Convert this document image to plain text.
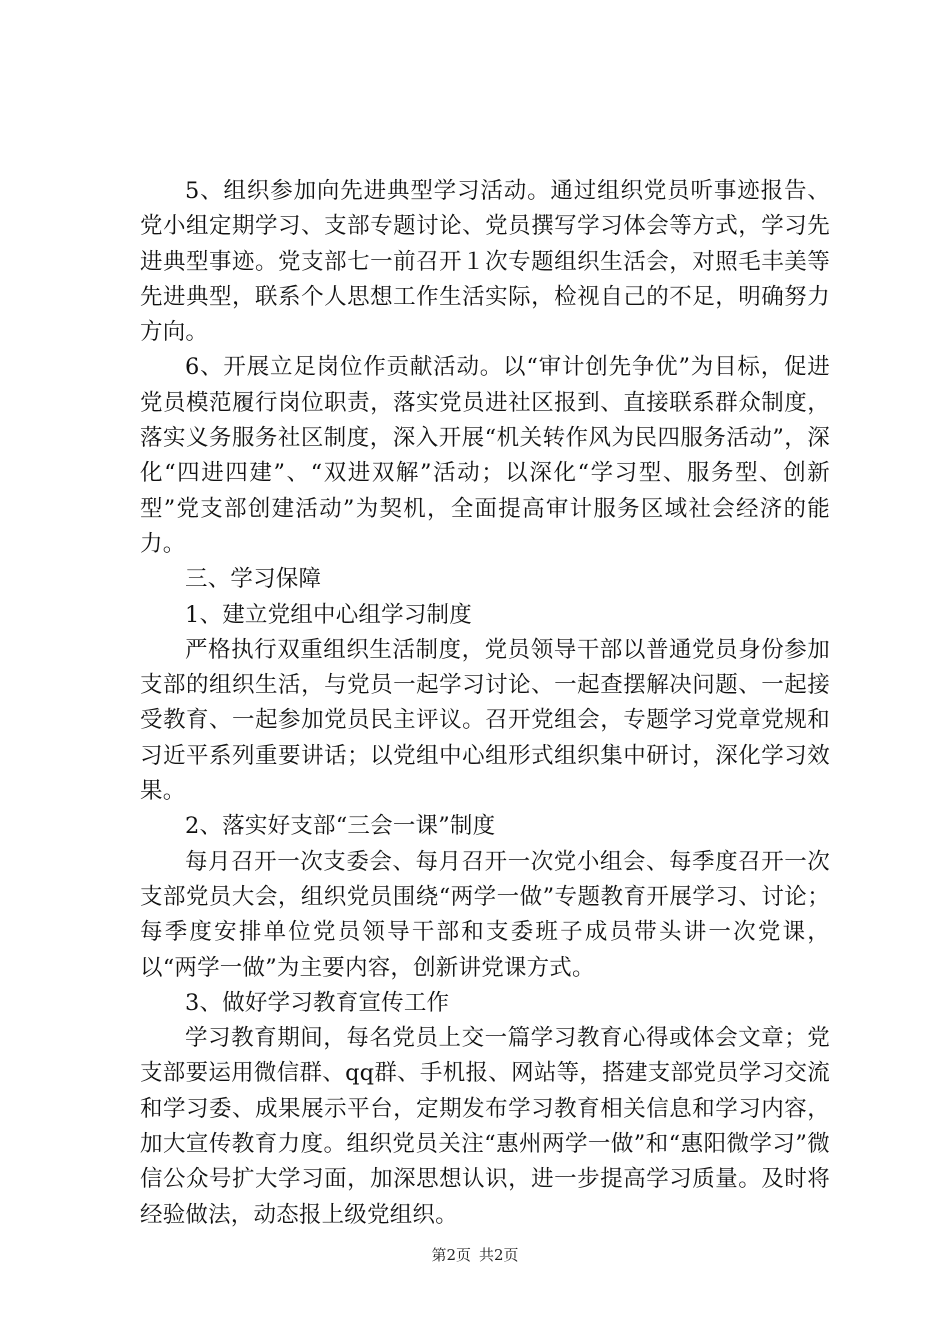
5、组织参加向先进典型学习活动。通过组织党员听事迹报告、党小组定期学习、支部专题讨论、党员撰写学习体会等方式，学习先进典型事迹。党支部七一前召开１次专题组织生活会，对照毛丰美等先进典型，联系个人思想工作生活实际，检视自己的不足，明确努力方向。

6、开展立足岗位作贡献活动。以“审计创先争优”为目标，促进党员模范履行岗位职责，落实党员进社区报到、直接联系群众制度，落实义务服务社区制度，深入开展“机关转作风为民四服务活动”，深化“四进四建”、“双进双解”活动；以深化“学习型、服务型、创新型”党支部创建活动”为契机，全面提高审计服务区域社会经济的能力。

三、学习保障

1、建立党组中心组学习制度

严格执行双重组织生活制度，党员领导干部以普通党员身份参加支部的组织生活，与党员一起学习讨论、一起查摆解决问题、一起接受教育、一起参加党员民主评议。召开党组会，专题学习党章党规和习近平系列重要讲话；以党组中心组形式组织集中研讨，深化学习效果。

2、落实好支部“三会一课”制度

每月召开一次支委会、每月召开一次党小组会、每季度召开一次支部党员大会，组织党员围绕“两学一做”专题教育开展学习、讨论；每季度安排单位党员领导干部和支委班子成员带头讲一次党课，以“两学一做”为主要内容，创新讲党课方式。

3、做好学习教育宣传工作

学习教育期间，每名党员上交一篇学习教育心得或体会文章；党支部要运用微信群、qq群、手机报、网站等，搭建支部党员学习交流和学习委、成果展示平台，定期发布学习教育相关信息和学习内容，加大宣传教育力度。组织党员关注“惠州两学一做”和“惠阳微学习”微信公众号扩大学习面，加深思想认识，进一步提高学习质量。及时将经验做法，动态报上级党组织。

第2页 共2页
